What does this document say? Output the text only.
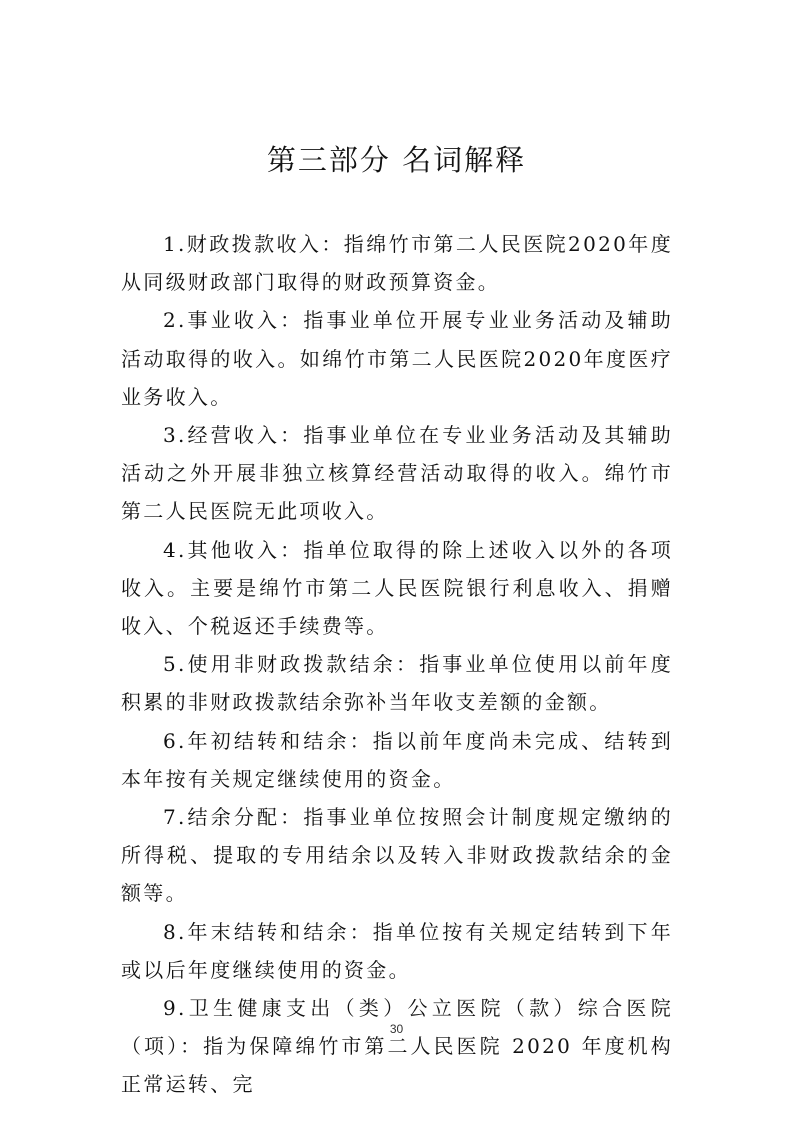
第三部分 名词解释

1.财政拨款收入：指绵竹市第二人民医院2020年度从同级财政部门取得的财政预算资金。

2.事业收入：指事业单位开展专业业务活动及辅助活动取得的收入。如绵竹市第二人民医院2020年度医疗业务收入。

3.经营收入：指事业单位在专业业务活动及其辅助活动之外开展非独立核算经营活动取得的收入。绵竹市第二人民医院无此项收入。

4.其他收入：指单位取得的除上述收入以外的各项收入。主要是绵竹市第二人民医院银行利息收入、捐赠收入、个税返还手续费等。

5.使用非财政拨款结余：指事业单位使用以前年度积累的非财政拨款结余弥补当年收支差额的金额。

6.年初结转和结余：指以前年度尚未完成、结转到本年按有关规定继续使用的资金。

7.结余分配：指事业单位按照会计制度规定缴纳的所得税、提取的专用结余以及转入非财政拨款结余的金额等。

8.年末结转和结余：指单位按有关规定结转到下年或以后年度继续使用的资金。

9.卫生健康支出（类）公立医院（款）综合医院（项）：指为保障绵竹市第二人民医院 2020 年度机构正常运转、完

30
